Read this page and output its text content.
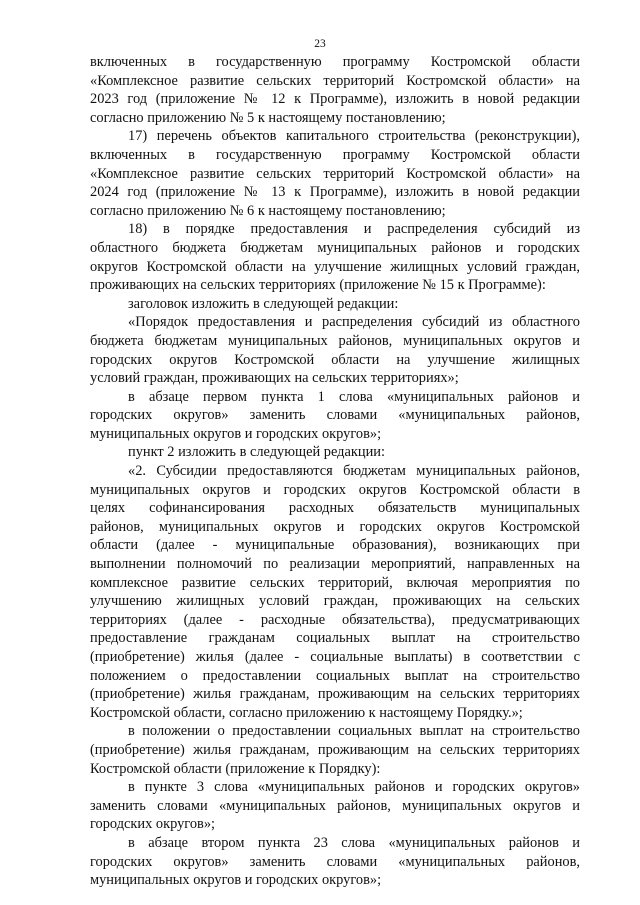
23
включенных в государственную программу Костромской области
«Комплексное развитие сельских территорий Костромской области» на
2023 год (приложение № 12 к Программе), изложить в новой редакции
согласно приложению № 5 к настоящему постановлению;
17) перечень объектов капитального строительства (реконструкции),
включенных в государственную программу Костромской области
«Комплексное развитие сельских территорий Костромской области» на
2024 год (приложение № 13 к Программе), изложить в новой редакции
согласно приложению № 6 к настоящему постановлению;
18) в порядке предоставления и распределения субсидий из
областного бюджета бюджетам муниципальных районов и городских
округов Костромской области на улучшение жилищных условий граждан,
проживающих на сельских территориях (приложение № 15 к Программе):
заголовок изложить в следующей редакции:
«Порядок предоставления и распределения субсидий из областного
бюджета бюджетам муниципальных районов, муниципальных округов и
городских округов Костромской области на улучшение жилищных
условий граждан, проживающих на сельских территориях»;
в абзаце первом пункта 1 слова «муниципальных районов и
городских округов» заменить словами «муниципальных районов,
муниципальных округов и городских округов»;
пункт 2 изложить в следующей редакции:
«2. Субсидии предоставляются бюджетам муниципальных районов,
муниципальных округов и городских округов Костромской области в
целях софинансирования расходных обязательств муниципальных
районов, муниципальных округов и городских округов Костромской
области (далее - муниципальные образования), возникающих при
выполнении полномочий по реализации мероприятий, направленных на
комплексное развитие сельских территорий, включая мероприятия по
улучшению жилищных условий граждан, проживающих на сельских
территориях (далее - расходные обязательства), предусматривающих
предоставление гражданам социальных выплат на строительство
(приобретение) жилья (далее - социальные выплаты) в соответствии с
положением о предоставлении социальных выплат на строительство
(приобретение) жилья гражданам, проживающим на сельских территориях
Костромской области, согласно приложению к настоящему Порядку.»;
в положении о предоставлении социальных выплат на строительство
(приобретение) жилья гражданам, проживающим на сельских территориях
Костромской области (приложение к Порядку):
в пункте 3 слова «муниципальных районов и городских округов»
заменить словами «муниципальных районов, муниципальных округов и
городских округов»;
в абзаце втором пункта 23 слова «муниципальных районов и
городских округов» заменить словами «муниципальных районов,
муниципальных округов и городских округов»;
